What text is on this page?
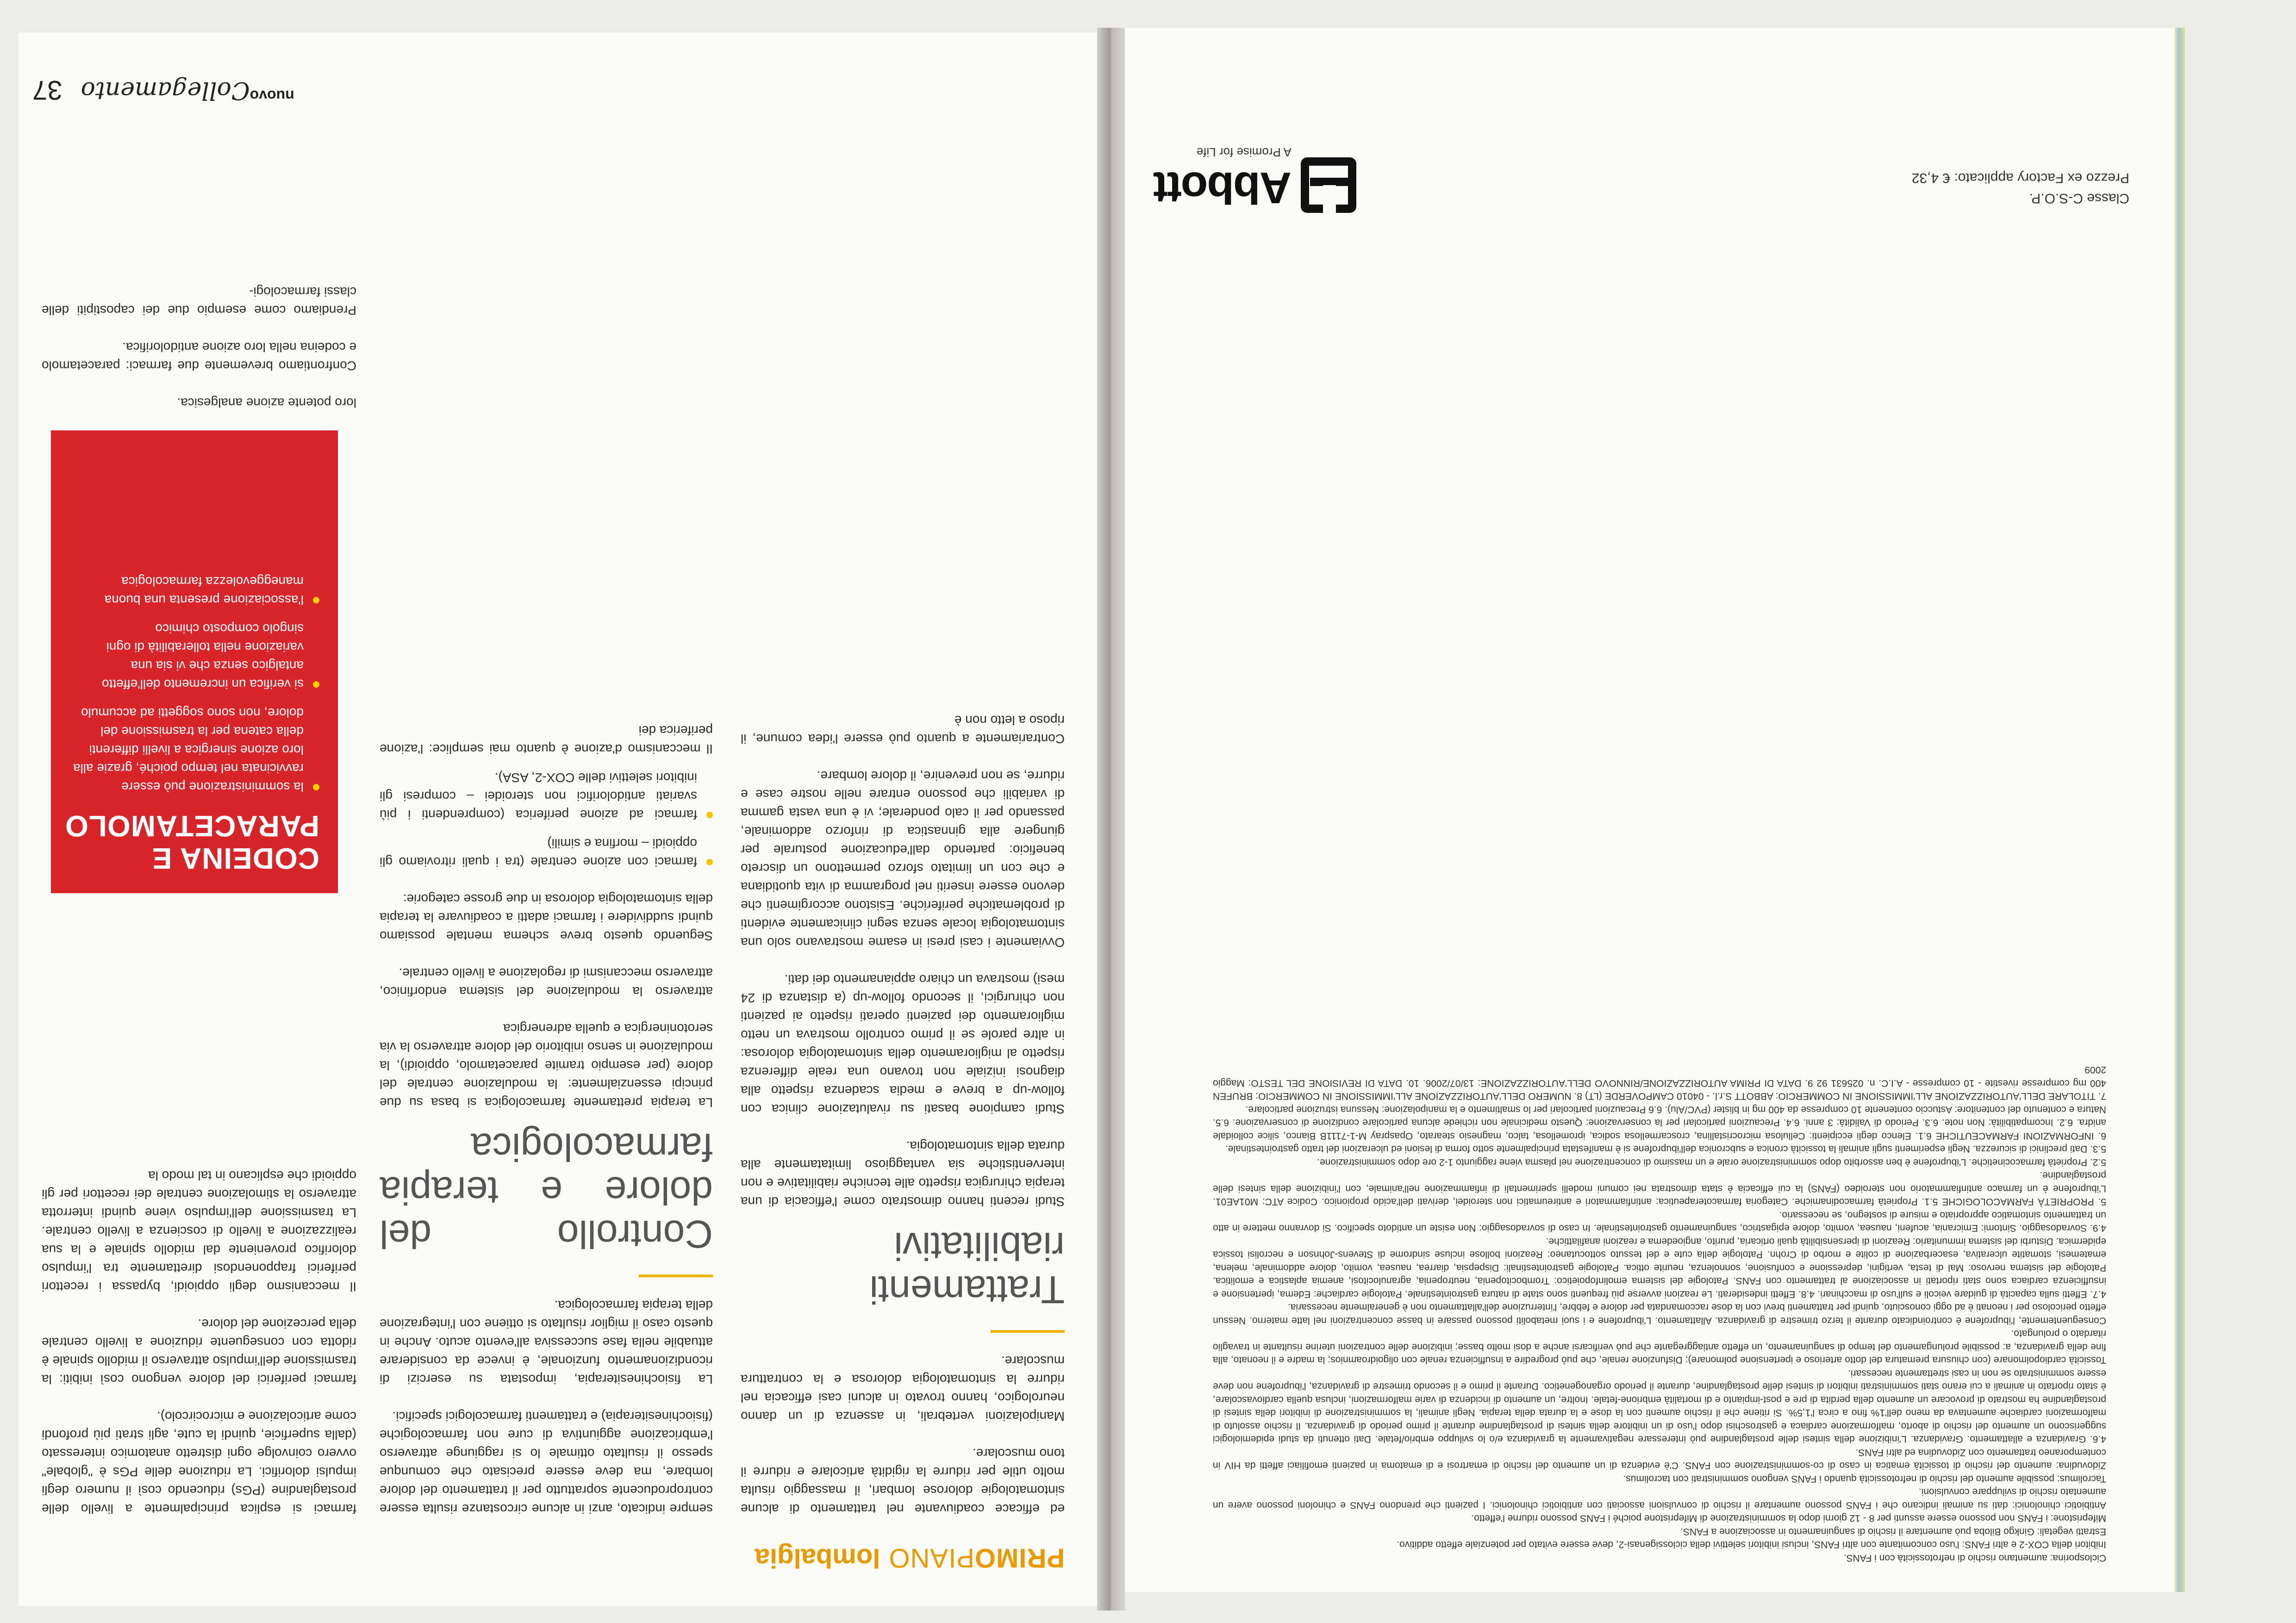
PRIMO
PIANO
lombalgia

ed efficace coadiuvante nel trattamento di alcune sintomatologie dolorose lombari, il massaggio risulta molto utile per ridurre la rigidità articolare e ridurre il tono muscolare.

Manipolazioni vertebrali, in assenza di un danno neurologico, hanno trovato in alcuni casi efficacia nel ridurre la sintomatologia dolorosa e la contrattura muscolare.

Trattamenti riabilitativi

Studi recenti hanno dimostrato come l'efficacia di una terapia chirurgica rispetto alle tecniche riabilitative e non interventistiche sia vantaggioso limitatamente alla durata della sintomatologia.

Studi campione basati su rivalutazione clinica con follow-up a breve e media scadenza rispetto alla diagnosi iniziale non trovano una reale differenza rispetto al miglioramento della sintomatologia dolorosa: in altre parole se il primo controllo mostrava un netto miglioramento dei pazienti operati rispetto ai pazienti non chirurgici, il secondo follow-up (a distanza di 24 mesi) mostrava un chiaro appianamento dei dati.

Ovviamente i casi presi in esame mostravano solo una sintomatologia locale senza segni clinicamente evidenti di problematiche periferiche. Esistono accorgimenti che devono essere inseriti nel programma di vita quotidiana e che con un limitato sforzo permettono un discreto beneficio: partendo dall'educazione posturale per giungere alla ginnastica di rinforzo addominale, passando per il calo ponderale; vi è una vasta gamma di variabili che possono entrare nelle nostre case e ridurre, se non prevenire, il dolore lombare.

Contrariamente a quanto può essere l'idea comune, il riposo a letto non è

sempre indicato, anzi in alcune circostanze risulta essere controproducente soprattutto per il trattamento del dolore lombare, ma deve essere precisato che comunque spesso il risultato ottimale lo si raggiunge attraverso l'embricazione aggiuntiva di cure non farmacologiche (fisiochinesiterapia) e trattamenti farmacologici specifici.

La fisiochinesiterapia, impostata su esercizi di ricondizionamento funzionale, è invece da considerare attuabile nella fase successiva all'evento acuto. Anche in questo caso il miglior risultato si ottiene con l'integrazione della terapia farmacologica.

Controllo del dolore e terapia farmacologica

La terapia prettamente farmacologica si basa su due principi essenzialmente: la modulazione centrale del dolore (per esempio tramite paracetamolo, oppioidi), la modulazione in senso inibitorio del dolore attraverso la via serotoninergica e quella adrenergica

attraverso la modulazione del sistema endorfinico, attraverso meccanismi di regolazione a livello centrale.

Seguendo questo breve schema mentale possiamo quindi suddividere i farmaci adatti a coadiuvare la terapia della sintomatologia dolorosa in due grosse categorie:

farmaci con azione centrale (tra i quali ritroviamo gli oppioidi – morfina e simili)
farmaci ad azione periferica (comprendenti i più svariati antidolorifici non steroidei – compresi gli inibitori selettivi delle COX-2, ASA).

Il meccanismo d'azione è quanto mai semplice: l'azione periferica dei

farmaci si esplica principalmente a livello delle prostaglandine (PGs) riducendo così il numero degli impulsi dolorifici. La riduzione delle PGs è "globale" ovvero coinvolge ogni distretto anatomico interessato (dalla superficie, quindi la cute, agli strati più profondi come articolazione e microcircolo).

farmaci periferici del dolore vengono così inibiti: la trasmissione dell'impulso attraverso il midollo spinale è ridotta con conseguente riduzione a livello centrale della percezione del dolore.

Il meccanismo degli oppioidi, bypassa i recettori periferici frapponendosi direttamente tra l'impulso dolorifico proveniente dal midollo spinale e la sua realizzazione a livello di coscienza a livello centrale. La trasmissione dell'impulso viene quindi interrotta attraverso la stimolazione centrale dei recettori per gli oppioidi che esplicano in tal modo la

CODEINA E PARACETAMOLO
la somministrazione può essere ravvicinata nel tempo poiché, grazie alla loro azione sinergica a livelli differenti della catena per la trasmissione del dolore, non sono soggetti ad accumulo
si verifica un incremento dell'effetto antalgico senza che vi sia una variazione nella tollerabilità di ogni singolo composto chimico
l'associazione presenta una buona maneggevolezza farmacologica

loro potente azione analgesica.

Confrontiamo brevemente due farmaci: paracetamolo e codeina nella loro azione antidolorifica.

Prendiamo come esempio due dei capostipiti delle classi farmacologi-

$^{nuovo}$Collegamento
37

Ciclosporina: aumentano rischio di nefrotossicità con i FANS.

Inibitori della COX-2 e altri FANS: l'uso concomitante con altri FANS, inclusi inibitori selettivi della ciclossigenasi-2, deve essere evitato per potenziale effetto additivo.

Estratti vegetali: Ginkgo Biloba può aumentare il rischio di sanguinamento in associazione a FANS.

Mifepristone: i FANS non possono essere assunti per 8 - 12 giorni dopo la somministrazione di Mifepristone poiché i FANS possono ridurne l'effetto.

Antibiotici chinolonici: dati su animali indicano che i FANS possono aumentare il rischio di convulsioni associati con antibiotici chinolonici. I pazienti che prendono FANS e chinoloni possono avere un aumentato rischio di sviluppare convulsioni.

Tacrolimus: possibile aumento del rischio di nefrotossicità quando i FANS vengono somministrati con tacrolimus.

Zidovudina: aumento del rischio di tossicità ematica in caso di co-somministrazione con FANS. C'è evidenza di un aumento del rischio di emartrosi e di ematoma in pazienti emofiliaci affetti da HIV in contemporaneo trattamento con Zidovudina ed altri FANS.

4.6. Gravidanza e allattamento. Gravidanza. L'inibizione della sintesi delle prostaglandine può interessare negativamente la gravidanza e/o lo sviluppo embrio/fetale. Dati ottenuti da studi epidemiologici suggeriscono un aumento del rischio di aborto, malformazione cardiaca e gastroschisi dopo l'uso di un inibitore della sintesi di prostaglandine durante il primo periodo di gravidanza. Il rischio assoluto di malformazioni cardiache aumentava da meno dell'1% fino a circa l'1,5%. Si ritiene che il rischio aumenti con la dose e la durata della terapia. Negli animali, la somministrazione di inibitori della sintesi di prostaglandine ha mostrato di provocare un aumento della perdita di pre e post-impianto e di mortalità embrione-fetale. Inoltre, un aumento di incidenza di varie malformazioni, inclusa quella cardiovascolare, è stato riportato in animali a cui erano stati somministrati inibitori di sintesi delle prostaglandine, durante il periodo organogenetico. Durante il primo e il secondo trimestre di gravidanza, l'ibuprofene non deve essere somministrato se non in casi strettamente necessari.

Tossicità cardiopolmonare (con chiusura prematura del dotto arterioso e ipertensione polmonare); Disfunzione renale, che può progredire a insufficienza renale con oligoidroamnios; la madre e il neonato, alla fine della gravidanza, a: possibile prolungamento del tempo di sanguinamento, un effetto antiaggregante che può verificarsi anche a dosi molto basse; inibizione delle contrazioni uterine risultante in travaglio ritardato o prolungato.

Conseguentemente, l'ibuprofene è controindicato durante il terzo trimestre di gravidanza. Allattamento. L'ibuprofene e i suoi metaboliti possono passare in basse concentrazioni nel latte materno. Nessun effetto pericoloso per i neonati è ad oggi conosciuto, quindi per trattamenti brevi con la dose raccomandata per dolore e febbre, l'interruzione dell'allattamento non è generalmente necessaria.

4.7. Effetti sulla capacità di guidare veicoli e sull'uso di macchinari. 4.8. Effetti indesiderati. Le reazioni avverse più frequenti sono state di natura gastrointestinale. Patologie cardiache: Edema, ipertensione e insufficienza cardiaca sono stati riportati in associazione al trattamento con FANS. Patologie del sistema emolinfopoietico: Trombocitopenia, neutropenia, agranulocitosi, anemia aplastica e emolitica. Patologie del sistema nervoso: Mal di testa, vertigini, depressione e confusione, sonnolenza, neurite ottica. Patologie gastrointestinali: Dispepsia, diarrea, nausea, vomito, dolore addominale, melena, ematemesi, stomatite ulcerativa, esacerbazione di colite e morbo di Crohn. Patologie della cute e del tessuto sottocutaneo: Reazioni bollose incluse sindrome di Stevens-Johnson e necrolisi tossica epidermica. Disturbi del sistema immunitario: Reazioni di ipersensibilità quali orticaria, prurito, angioedema e reazioni anafilattiche.

4.9. Sovradosaggio. Sintomi: Emicrania, acufeni, nausea, vomito, dolore epigastrico, sanguinamento gastrointestinale. In caso di sovradosaggio: Non esiste un antidoto specifico. Si dovranno mettere in atto un trattamento sintomatico appropriato e misure di sostegno, se necessario.

5. PROPRIETÀ FARMACOLOGICHE 5.1. Proprietà farmacodinamiche. Categoria farmacoterapeutica: antinfiammatori e antireumatici non steroidei, derivati dell'acido propionico. Codice ATC: M01AE01. L'ibuprofene è un farmaco antinfiammatorio non steroideo (FANS) la cui efficacia è stata dimostrata nei comuni modelli sperimentali di infiammazione nell'animale, con l'inibizione della sintesi delle prostaglandine.

5.2. Proprietà farmacocinetiche. L'ibuprofene è ben assorbito dopo somministrazione orale e un massimo di concentrazione nel plasma viene raggiunto 1-2 ore dopo somministrazione.

5.3. Dati preclinici di sicurezza. Negli esperimenti sugli animali la tossicità cronica e subcronica dell'ibuprofene si è manifestata principalmente sotto forma di lesioni ed ulcerazioni del tratto gastrointestinale.

6. INFORMAZIONI FARMACEUTICHE 6.1. Elenco degli eccipienti: Cellulosa microcristallina, croscarmellosa sodica, ipromellosa, talco, magnesio stearato, Opaspray M-1-7111B Bianco, silice colloidale anidra. 6.2. Incompatibilità: Non note. 6.3. Periodo di Validità: 3 anni. 6.4. Precauzioni particolari per la conservazione: Questo medicinale non richiede alcuna particolare condizione di conservazione. 6.5. Natura e contenuto del contenitore: Astuccio contenente 10 compresse da 400 mg in blister (PVC/Alu). 6.6 Precauzioni particolari per lo smaltimento e la manipolazione: Nessuna istruzione particolare.

7. TITOLARE DELL'AUTORIZZAZIONE ALL'IMMISSIONE IN COMMERCIO: ABBOTT S.r.l. - 04010 CAMPOVERDE (LT) 8. NUMERO DELL'AUTORIZZAZIONE ALL'IMMISSIONE IN COMMERCIO: BRUFEN 400 mg compresse rivestite - 10 compresse - A.I.C. n. 025631 92 9. DATA DI PRIMA AUTORIZZAZIONE/RINNOVO DELL'AUTORIZZAZIONE: 13/07/2006. 10. DATA DI REVISIONE DEL TESTO: Maggio 2009

Classe C-S.O.P.
Prezzo ex Factory applicato: € 4,32
Abbott
A Promise for Life
